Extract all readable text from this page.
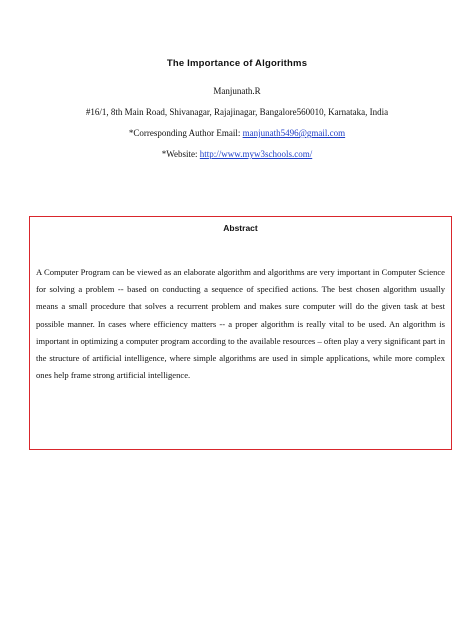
The Importance of Algorithms
Manjunath.R
#16/1, 8th Main Road, Shivanagar, Rajajinagar, Bangalore560010, Karnataka, India
*Corresponding Author Email: manjunath5496@gmail.com
*Website: http://www.myw3schools.com/
Abstract

A Computer Program can be viewed as an elaborate algorithm and algorithms are very important in Computer Science for solving a problem -- based on conducting a sequence of specified actions. The best chosen algorithm usually means a small procedure that solves a recurrent problem and makes sure computer will do the given task at best possible manner. In cases where efficiency matters -- a proper algorithm is really vital to be used. An algorithm is important in optimizing a computer program according to the available resources – often play a very significant part in the structure of artificial intelligence, where simple algorithms are used in simple applications, while more complex ones help frame strong artificial intelligence.
